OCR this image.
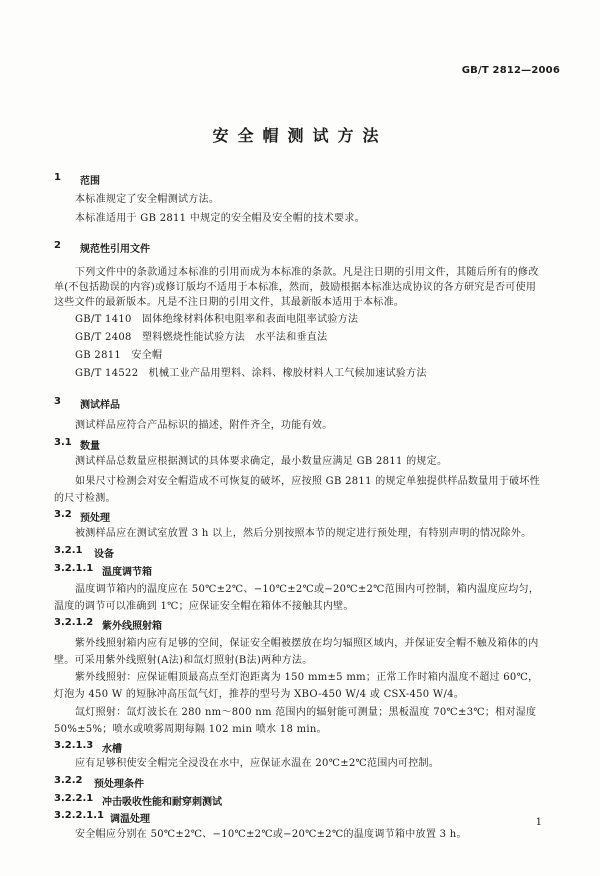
GB/T 2812—2006
安全帽测试方法
1 范围
本标准规定了安全帽测试方法。
本标准适用于 GB 2811 中规定的安全帽及安全帽的技术要求。
2 规范性引用文件
下列文件中的条款通过本标准的引用而成为本标准的条款。凡是注日期的引用文件，其随后所有的修改单(不包括勘误的内容)或修订版均不适用于本标准，然而，鼓励根据本标准达成协议的各方研究是否可使用这些文件的最新版本。凡是不注日期的引用文件，其最新版本适用于本标准。
GB/T 1410　固体绝缘材料体积电阻率和表面电阻率试验方法
GB/T 2408　塑料燃烧性能试验方法　水平法和垂直法
GB 2811　安全帽
GB/T 14522　机械工业产品用塑料、涂料、橡胶材料人工气候加速试验方法
3 测试样品
测试样品应符合产品标识的描述，附件齐全，功能有效。
3.1 数量
测试样品总数量应根据测试的具体要求确定，最小数量应满足 GB 2811 的规定。
如果尺寸检测会对安全帽造成不可恢复的破坏，应按照 GB 2811 的规定单独提供样品数量用于破坏性的尺寸检测。
3.2 预处理
被测样品应在测试室放置 3 h 以上，然后分别按照本节的规定进行预处理，有特别声明的情况除外。
3.2.1 设备
3.2.1.1 温度调节箱
温度调节箱内的温度应在 50℃±2℃、−10℃±2℃或−20℃±2℃范围内可控制，箱内温度应均匀，温度的调节可以准确到 1℃；应保证安全帽在箱体不接触其内壁。
3.2.1.2 紫外线照射箱
紫外线照射箱内应有足够的空间，保证安全帽被摆放在均匀辐照区域内，并保证安全帽不触及箱体的内壁。可采用紫外线照射(A法)和氙灯照射(B法)两种方法。
紫外线照射：应保证帽顶最高点至灯泡距离为 150 mm±5 mm；正常工作时箱内温度不超过 60℃，灯泡为 450 W 的短脉冲高压氙气灯，推荐的型号为 XBO-450 W/4 或 CSX-450 W/4。
氙灯照射：氙灯波长在 280 nm～800 nm 范围内的辐射能可测量；黑板温度 70℃±3℃；相对湿度 50%±5%；喷水或喷雾周期每隔 102 min 喷水 18 min。
3.2.1.3 水槽
应有足够积使安全帽完全浸没在水中，应保证水温在 20℃±2℃范围内可控制。
3.2.2 预处理条件
3.2.2.1 冲击吸收性能和耐穿刺测试
3.2.2.1.1 调温处理
安全帽应分别在 50℃±2℃、−10℃±2℃或−20℃±2℃的温度调节箱中放置 3 h。
1
